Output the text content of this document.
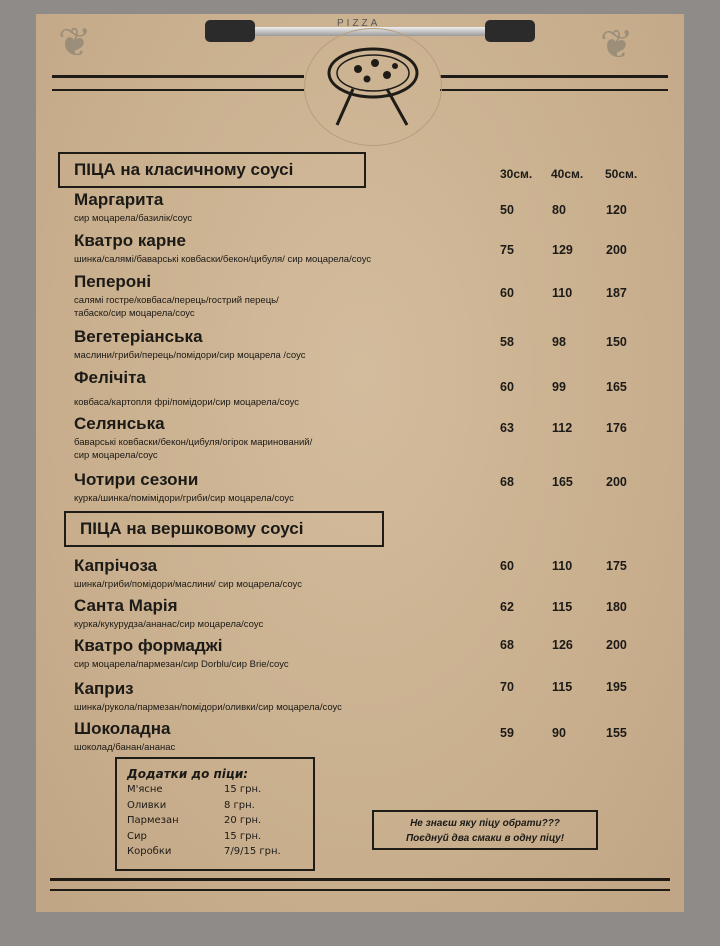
❦	❦
PIZZA
ПІЦА на класичному соусі	30см. 40см. 50см.
Маргарита
сир моцарела/базилік/соус
50	80	120
Кватро карне
шинка/салямі/баварські ковбаски/бекон/цибуля/ сир моцарела/соус
75	129	200
Пепероні
салямі гостре/ковбаса/перець/гострий перець/
табаско/сир моцарела/соус
60	110	187
Вегетеріанська
маслини/гриби/перець/помідори/сир моцарела /соус
58	98	150
Фелічіта
ковбаса/картопля фрі/помідори/сир моцарела/соус
60	99	165
Селянська
баварські ковбаски/бекон/цибуля/огірок маринований/
сир моцарела/соус
63	112	176
Чотири сезони
курка/шинка/помімідори/гриби/сир моцарела/соус
68	165	200
ПІЦА на вершковому соусі
Капрічоза
шинка/гриби/помідори/маслини/ сир моцарела/соус
60	110	175
Санта Марія
курка/кукурудза/ананас/сир моцарела/соус
62	115	180
Кватро формаджі
сир моцарела/пармезан/сир Dorblu/сир Brie/соус
68	126	200
Каприз
шинка/рукола/пармезан/помідори/оливки/сир моцарела/соус
70	115	195
Шоколадна
шоколад/банан/ананас
59	90	155
Додатки до піци:
М'ясне	15 грн.
Оливки	8 грн.
Пармезан	20 грн.
Сир	15 грн.
Коробки	7/9/15 грн.
Не знаєш яку піцу обрати???
Поєднуй два смаки в одну піцу!
